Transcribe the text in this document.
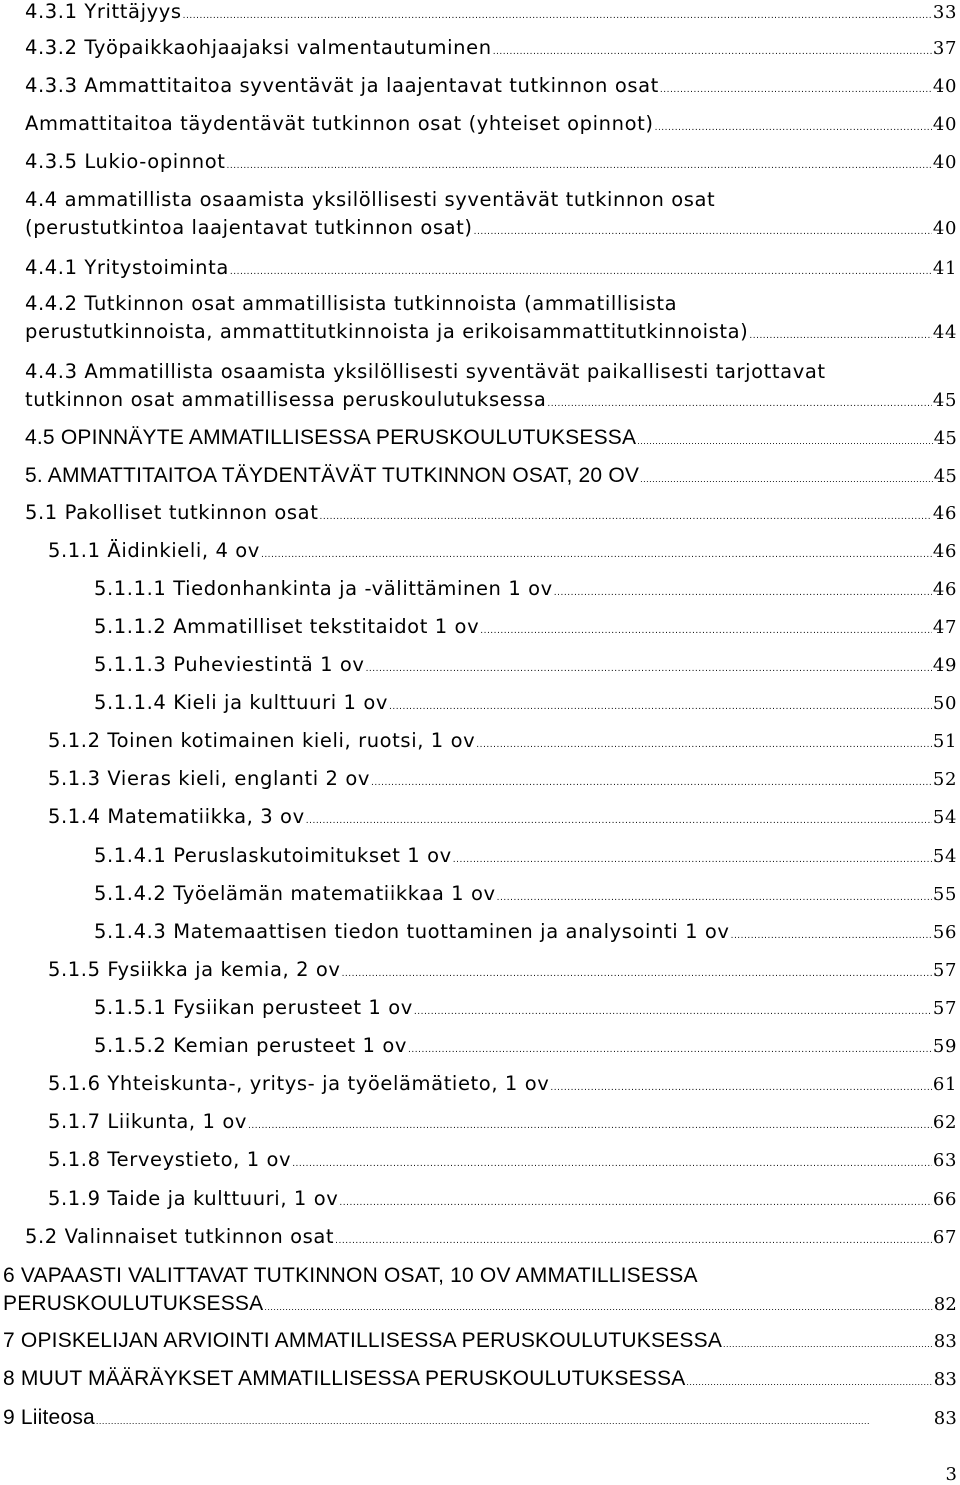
4.3.1 Yrittäjyys .....	33
4.3.2 Työpaikkaohjaajaksi valmentautuminen .....	37
4.3.3 Ammattitaitoa syventävät ja laajentavat tutkinnon osat .....	40
Ammattitaitoa täydentävät tutkinnon osat (yhteiset opinnot) .....	40
4.3.5 Lukio-opinnot .....	40
4.4 ammatillista osaamista yksilöllisesti syventävät tutkinnon osat
(perustutkintoa laajentavat tutkinnon osat) .....	40
4.4.1 Yritystoiminta .....	41
4.4.2 Tutkinnon osat ammatillisista tutkinnoista (ammatillisista
perustutkinnoista, ammattitutkinnoista ja erikoisammattitutkinnoista) .....	44
4.4.3 Ammatillista osaamista yksilöllisesti syventävät paikallisesti tarjottavat
tutkinnon osat ammatillisessa peruskoulutuksessa .....	45
4.5 OPINNÄYTE AMMATILLISESSA PERUSKOULUTUKSESSA .....	45
5. AMMATTITAITOA TÄYDENTÄVÄT TUTKINNON OSAT, 20 OV .....	45
5.1 Pakolliset tutkinnon osat .....	46
5.1.1 Äidinkieli, 4 ov .....	46
5.1.1.1 Tiedonhankinta ja -välittäminen 1 ov .....	46
5.1.1.2 Ammatilliset tekstitaidot 1 ov .....	47
5.1.1.3 Puheviestintä 1 ov .....	49
5.1.1.4 Kieli ja kulttuuri 1 ov .....	50
5.1.2 Toinen kotimainen kieli, ruotsi, 1 ov .....	51
5.1.3 Vieras kieli, englanti 2 ov .....	52
5.1.4 Matematiikka, 3 ov .....	54
5.1.4.1 Peruslaskutoimitukset 1 ov .....	54
5.1.4.2 Työelämän matematiikkaa 1 ov .....	55
5.1.4.3 Matemaattisen tiedon tuottaminen ja analysointi 1 ov .....	56
5.1.5 Fysiikka ja kemia, 2 ov .....	57
5.1.5.1 Fysiikan perusteet 1 ov .....	57
5.1.5.2 Kemian perusteet 1 ov .....	59
5.1.6 Yhteiskunta-, yritys- ja työelämätieto, 1 ov .....	61
5.1.7 Liikunta, 1 ov .....	62
5.1.8 Terveystieto, 1 ov .....	63
5.1.9 Taide ja kulttuuri, 1 ov .....	66
5.2 Valinnaiset tutkinnon osat .....	67
6 VAPAASTI VALITTAVAT TUTKINNON OSAT, 10 OV AMMATILLISESSA
PERUSKOULUTUKSESSA .....	82
7 OPISKELIJAN ARVIOINTI AMMATILLISESSA PERUSKOULUTUKSESSA .....	83
8 MUUT MÄÄRÄYKSET AMMATILLISESSA PERUSKOULUTUKSESSA .....	83
9 Liiteosa .....	83
3
